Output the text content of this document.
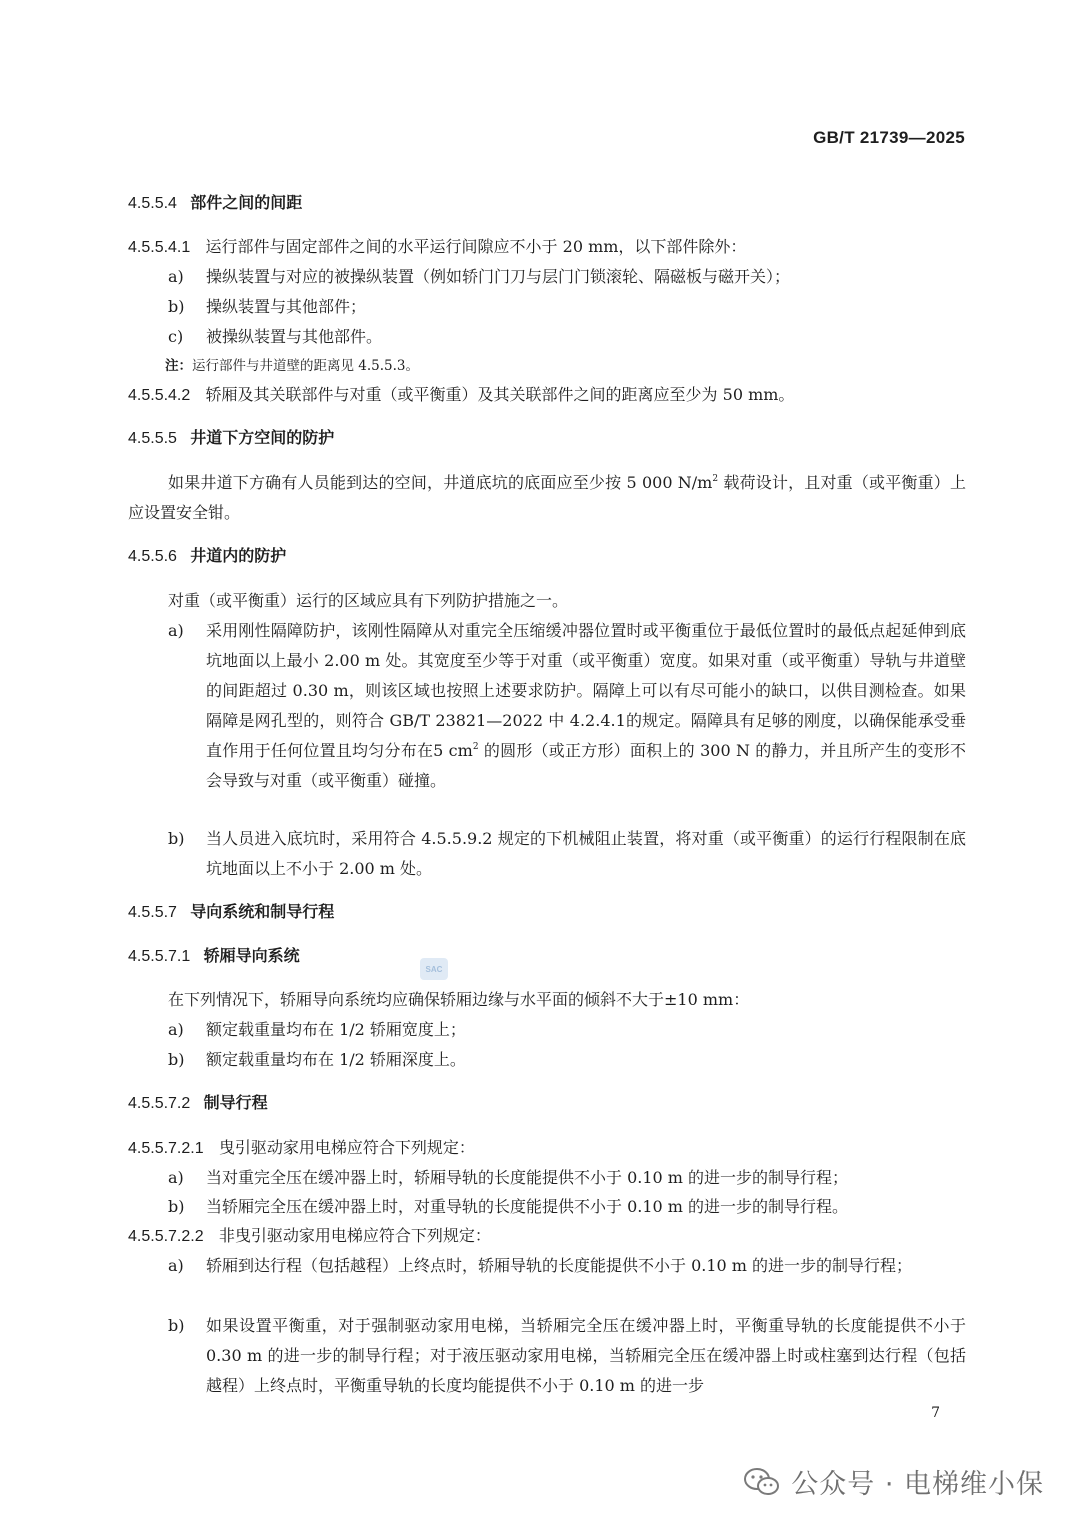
GB/T 21739—2025
4.5.5.4 部件之间的间距
4.5.5.4.1 运行部件与固定部件之间的水平运行间隙应不小于 20 mm，以下部件除外：
a) 操纵装置与对应的被操纵装置（例如轿门门刀与层门门锁滚轮、隔磁板与磁开关）；
b) 操纵装置与其他部件；
c) 被操纵装置与其他部件。
注：运行部件与井道壁的距离见 4.5.5.3。
4.5.5.4.2 轿厢及其关联部件与对重（或平衡重）及其关联部件之间的距离应至少为 50 mm。
4.5.5.5 井道下方空间的防护
如果井道下方确有人员能到达的空间，井道底坑的底面应至少按 5 000 $N/m^2$ 载荷设计，且对重（或平衡重）上应设置安全钳。
4.5.5.6 井道内的防护
对重（或平衡重）运行的区域应具有下列防护措施之一。
a) 采用刚性隔障防护，该刚性隔障从对重完全压缩缓冲器位置时或平衡重位于最低位置时的最低点起延伸到底坑地面以上最小 2.00 m 处。其宽度至少等于对重（或平衡重）宽度。如果对重（或平衡重）导轨与井道壁的间距超过 0.30 m，则该区域也按照上述要求防护。隔障上可以有尽可能小的缺口，以供目测检查。如果隔障是网孔型的，则符合 GB/T 23821—2022 中 4.2.4.1的规定。隔障具有足够的刚度，以确保能承受垂直作用于任何位置且均匀分布在5 $cm^2$ 的圆形（或正方形）面积上的 300 N 的静力，并且所产生的变形不会导致与对重（或平衡重）碰撞。
b) 当人员进入底坑时，采用符合 4.5.5.9.2 规定的下机械阻止装置，将对重（或平衡重）的运行行程限制在底坑地面以上不小于 2.00 m 处。
4.5.5.7 导向系统和制导行程
4.5.5.7.1 轿厢导向系统
SAC
在下列情况下，轿厢导向系统均应确保轿厢边缘与水平面的倾斜不大于±10 mm：
a) 额定载重量均布在 1/2 轿厢宽度上；
b) 额定载重量均布在 1/2 轿厢深度上。
4.5.5.7.2 制导行程
4.5.5.7.2.1 曳引驱动家用电梯应符合下列规定：
a) 当对重完全压在缓冲器上时，轿厢导轨的长度能提供不小于 0.10 m 的进一步的制导行程；
b) 当轿厢完全压在缓冲器上时，对重导轨的长度能提供不小于 0.10 m 的进一步的制导行程。
4.5.5.7.2.2 非曳引驱动家用电梯应符合下列规定：
a) 轿厢到达行程（包括越程）上终点时，轿厢导轨的长度能提供不小于 0.10 m 的进一步的制导行程；
b) 如果设置平衡重，对于强制驱动家用电梯，当轿厢完全压在缓冲器上时，平衡重导轨的长度能提供不小于 0.30 m 的进一步的制导行程；对于液压驱动家用电梯，当轿厢完全压在缓冲器上时或柱塞到达行程（包括越程）上终点时，平衡重导轨的长度均能提供不小于 0.10 m 的进一步
7
公众号 · 电梯维小保
